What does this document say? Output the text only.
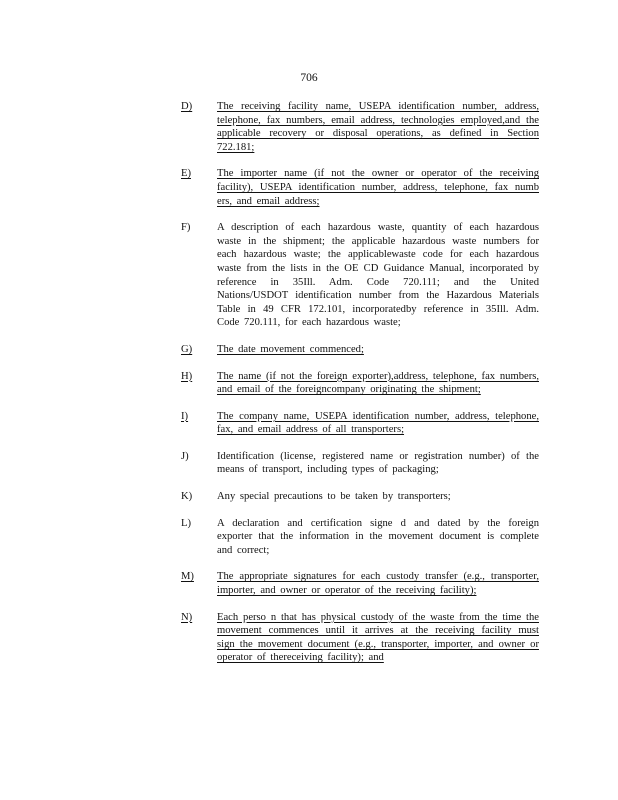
706
D)	The receiving facility name, USEPA identification number, address, telephone, fax numbers, email address, technologies employed,and the applicable recovery or disposal operations, as defined in Section 722.181;
E)	The importer name (if not the owner or operator of the receiving facility), USEPA identification number, address, telephone, fax numb ers, and email address;
F)	A description of each hazardous waste, quantity of each hazardous waste in the shipment; the applicable hazardous waste numbers for each hazardous waste; the applicablewaste code for each hazardous waste from the lists in the OE CD Guidance Manual, incorporated by reference in 35Ill. Adm. Code 720.111; and the United Nations/USDOT identification number from the Hazardous Materials Table in 49 CFR 172.101, incorporatedby reference in 35Ill. Adm. Code 720.111, for each hazardous waste;
G)	The date movement commenced;
H)	The name (if not the foreign exporter),address, telephone, fax numbers, and email of the foreigncompany originating the shipment;
I)	The company name, USEPA identification number, address, telephone, fax, and email address of all transporters;
J)	Identification (license, registered name or registration number) of the means of transport, including types of packaging;
K)	Any special precautions to be taken by transporters;
L)	A declaration and certification signe d and dated by the foreign exporter that the information in the movement document is complete and correct;
M)	The appropriate signatures for each custody transfer (e.g., transporter, importer, and owner or operator of the receiving facility);
N)	Each perso n that has physical custody of the waste from the time the movement commences until it arrives at the receiving facility must sign the movement document (e.g., transporter, importer, and owner or operator of thereceiving facility); and
